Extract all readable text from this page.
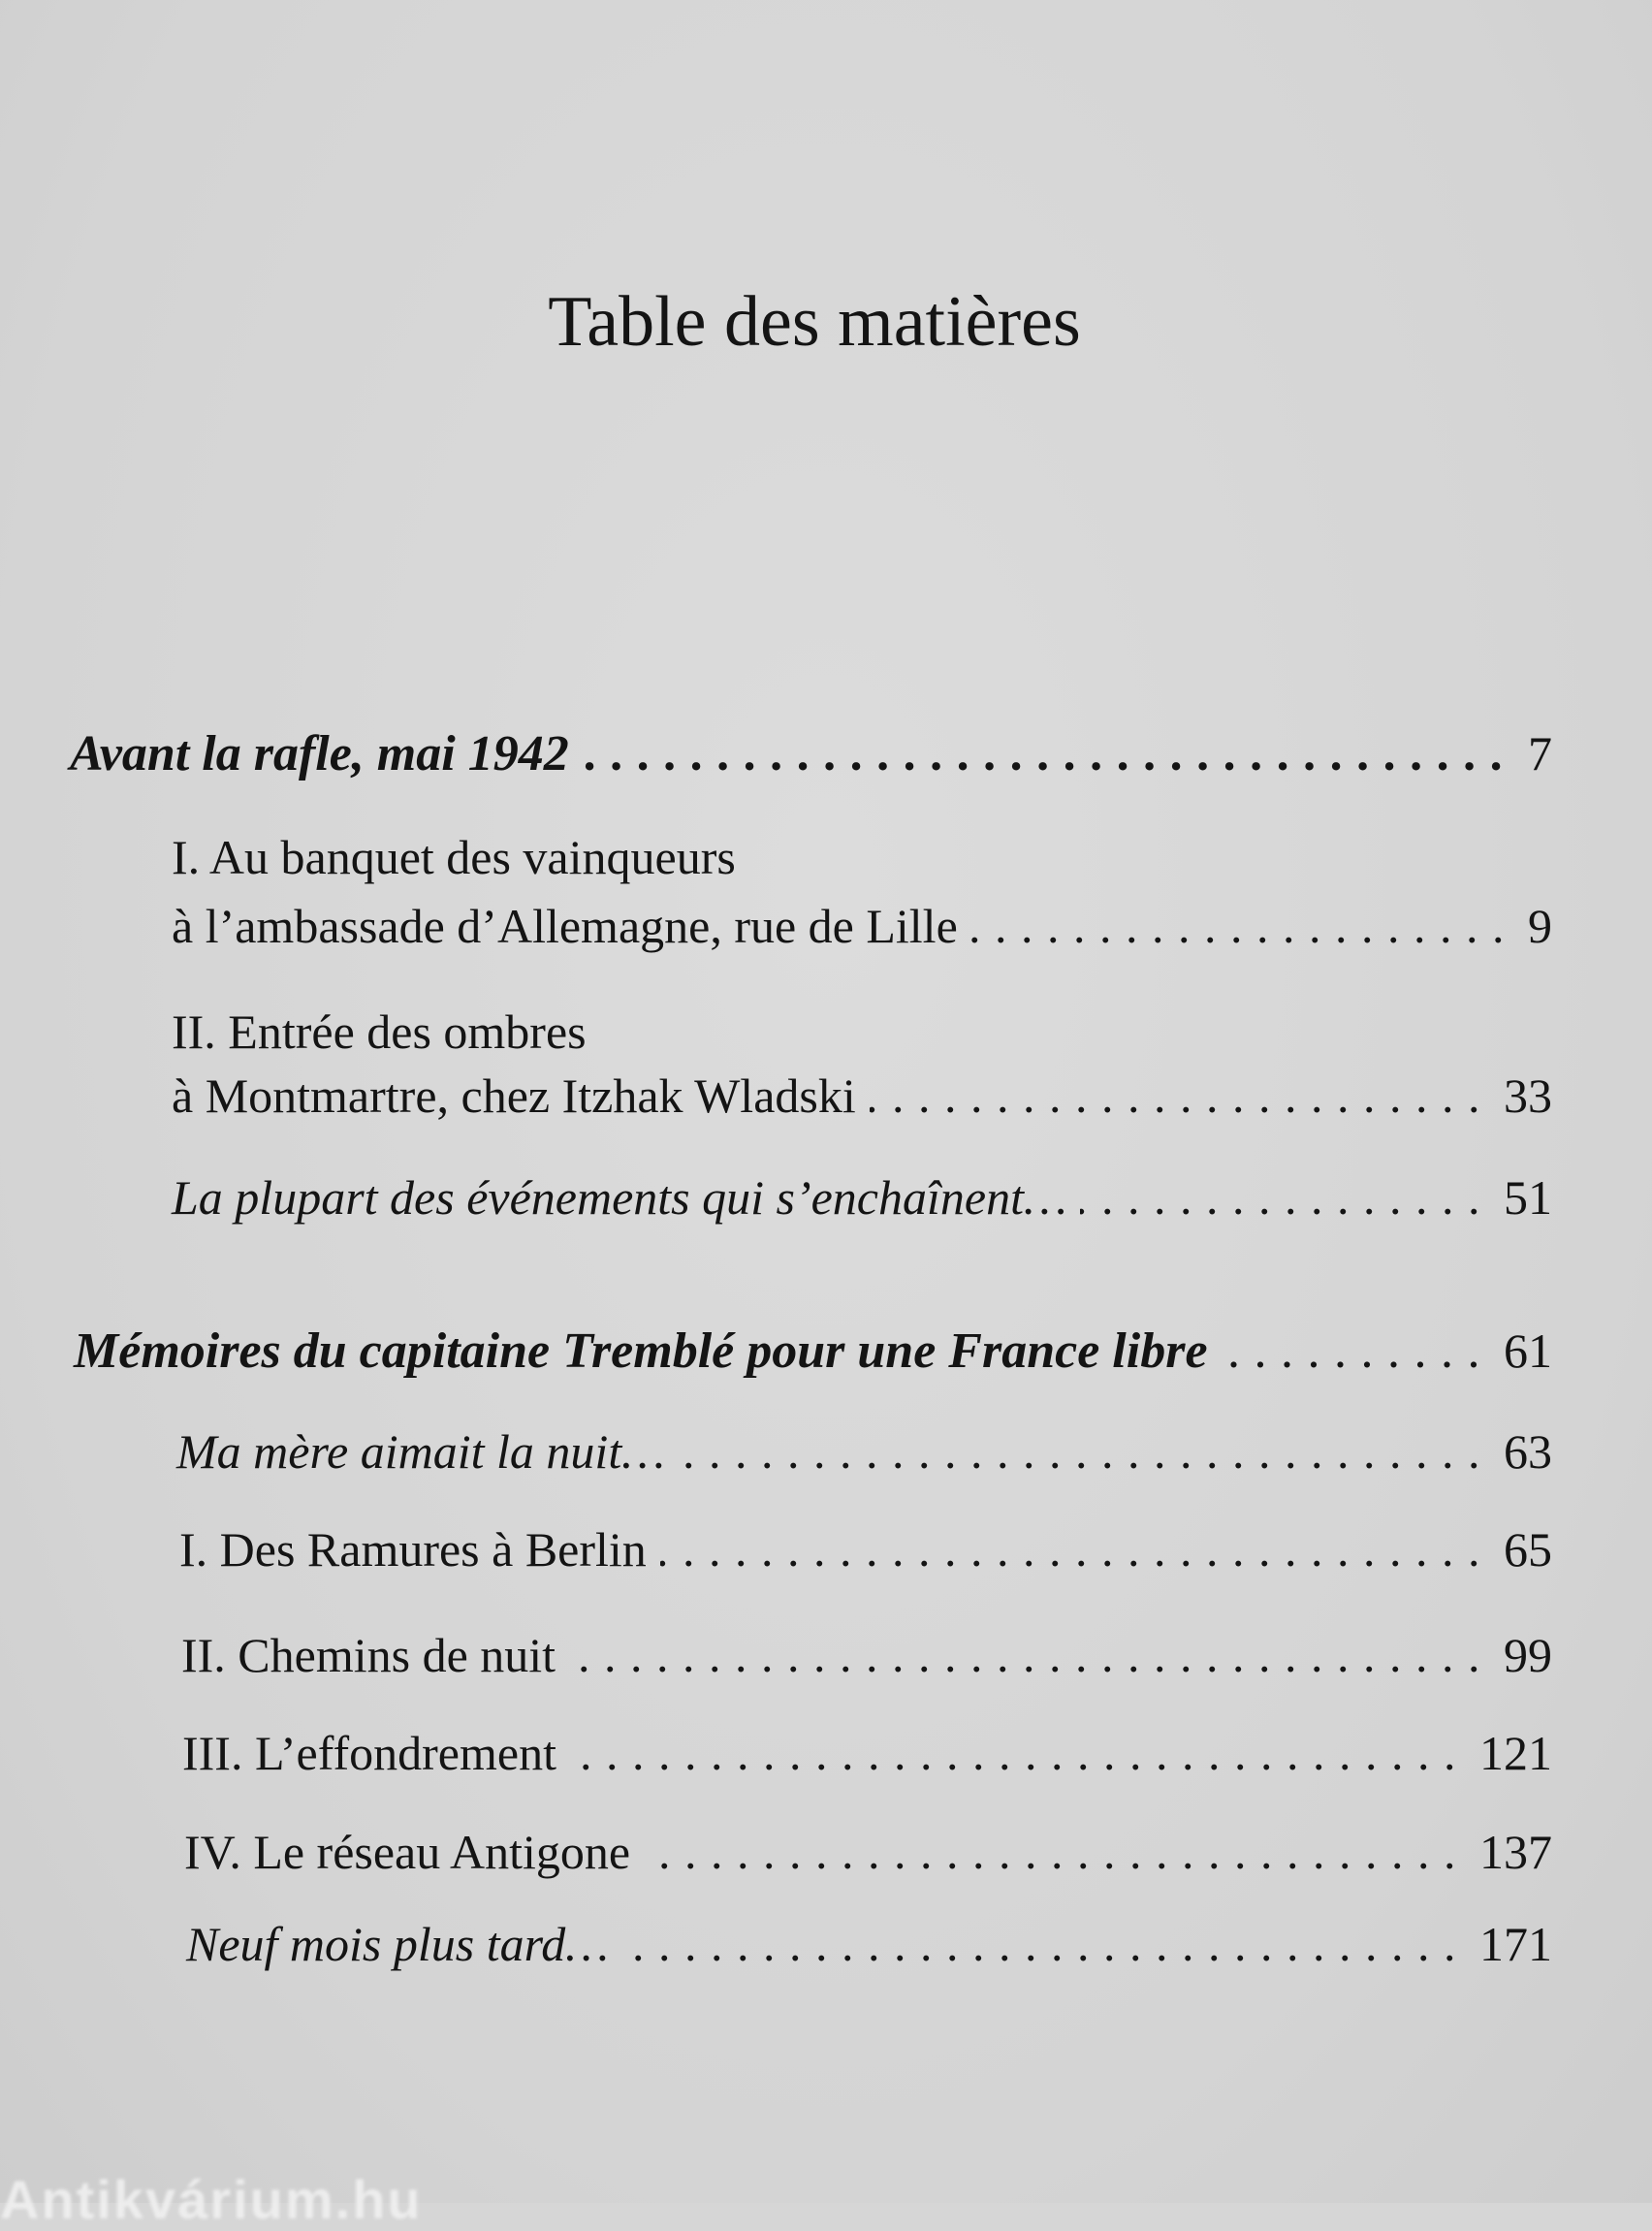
Table des matières
Avant la rafle, mai 1942 .....	7
I. Au banquet des vainqueurs
à l’ambassade d’Allemagne, rue de Lille .....	9
II. Entrée des ombres
à Montmartre, chez Itzhak Wladski .....	33
La plupart des événements qui s’enchaînent… .....	51
Mémoires du capitaine Tremblé pour une France libre .....	61
Ma mère aimait la nuit… .....	63
I. Des Ramures à Berlin .....	65
II. Chemins de nuit .....	99
III. L’effondrement .....	121
IV. Le réseau Antigone .....	137
Neuf mois plus tard… .....	171
Antikvárium.hu
